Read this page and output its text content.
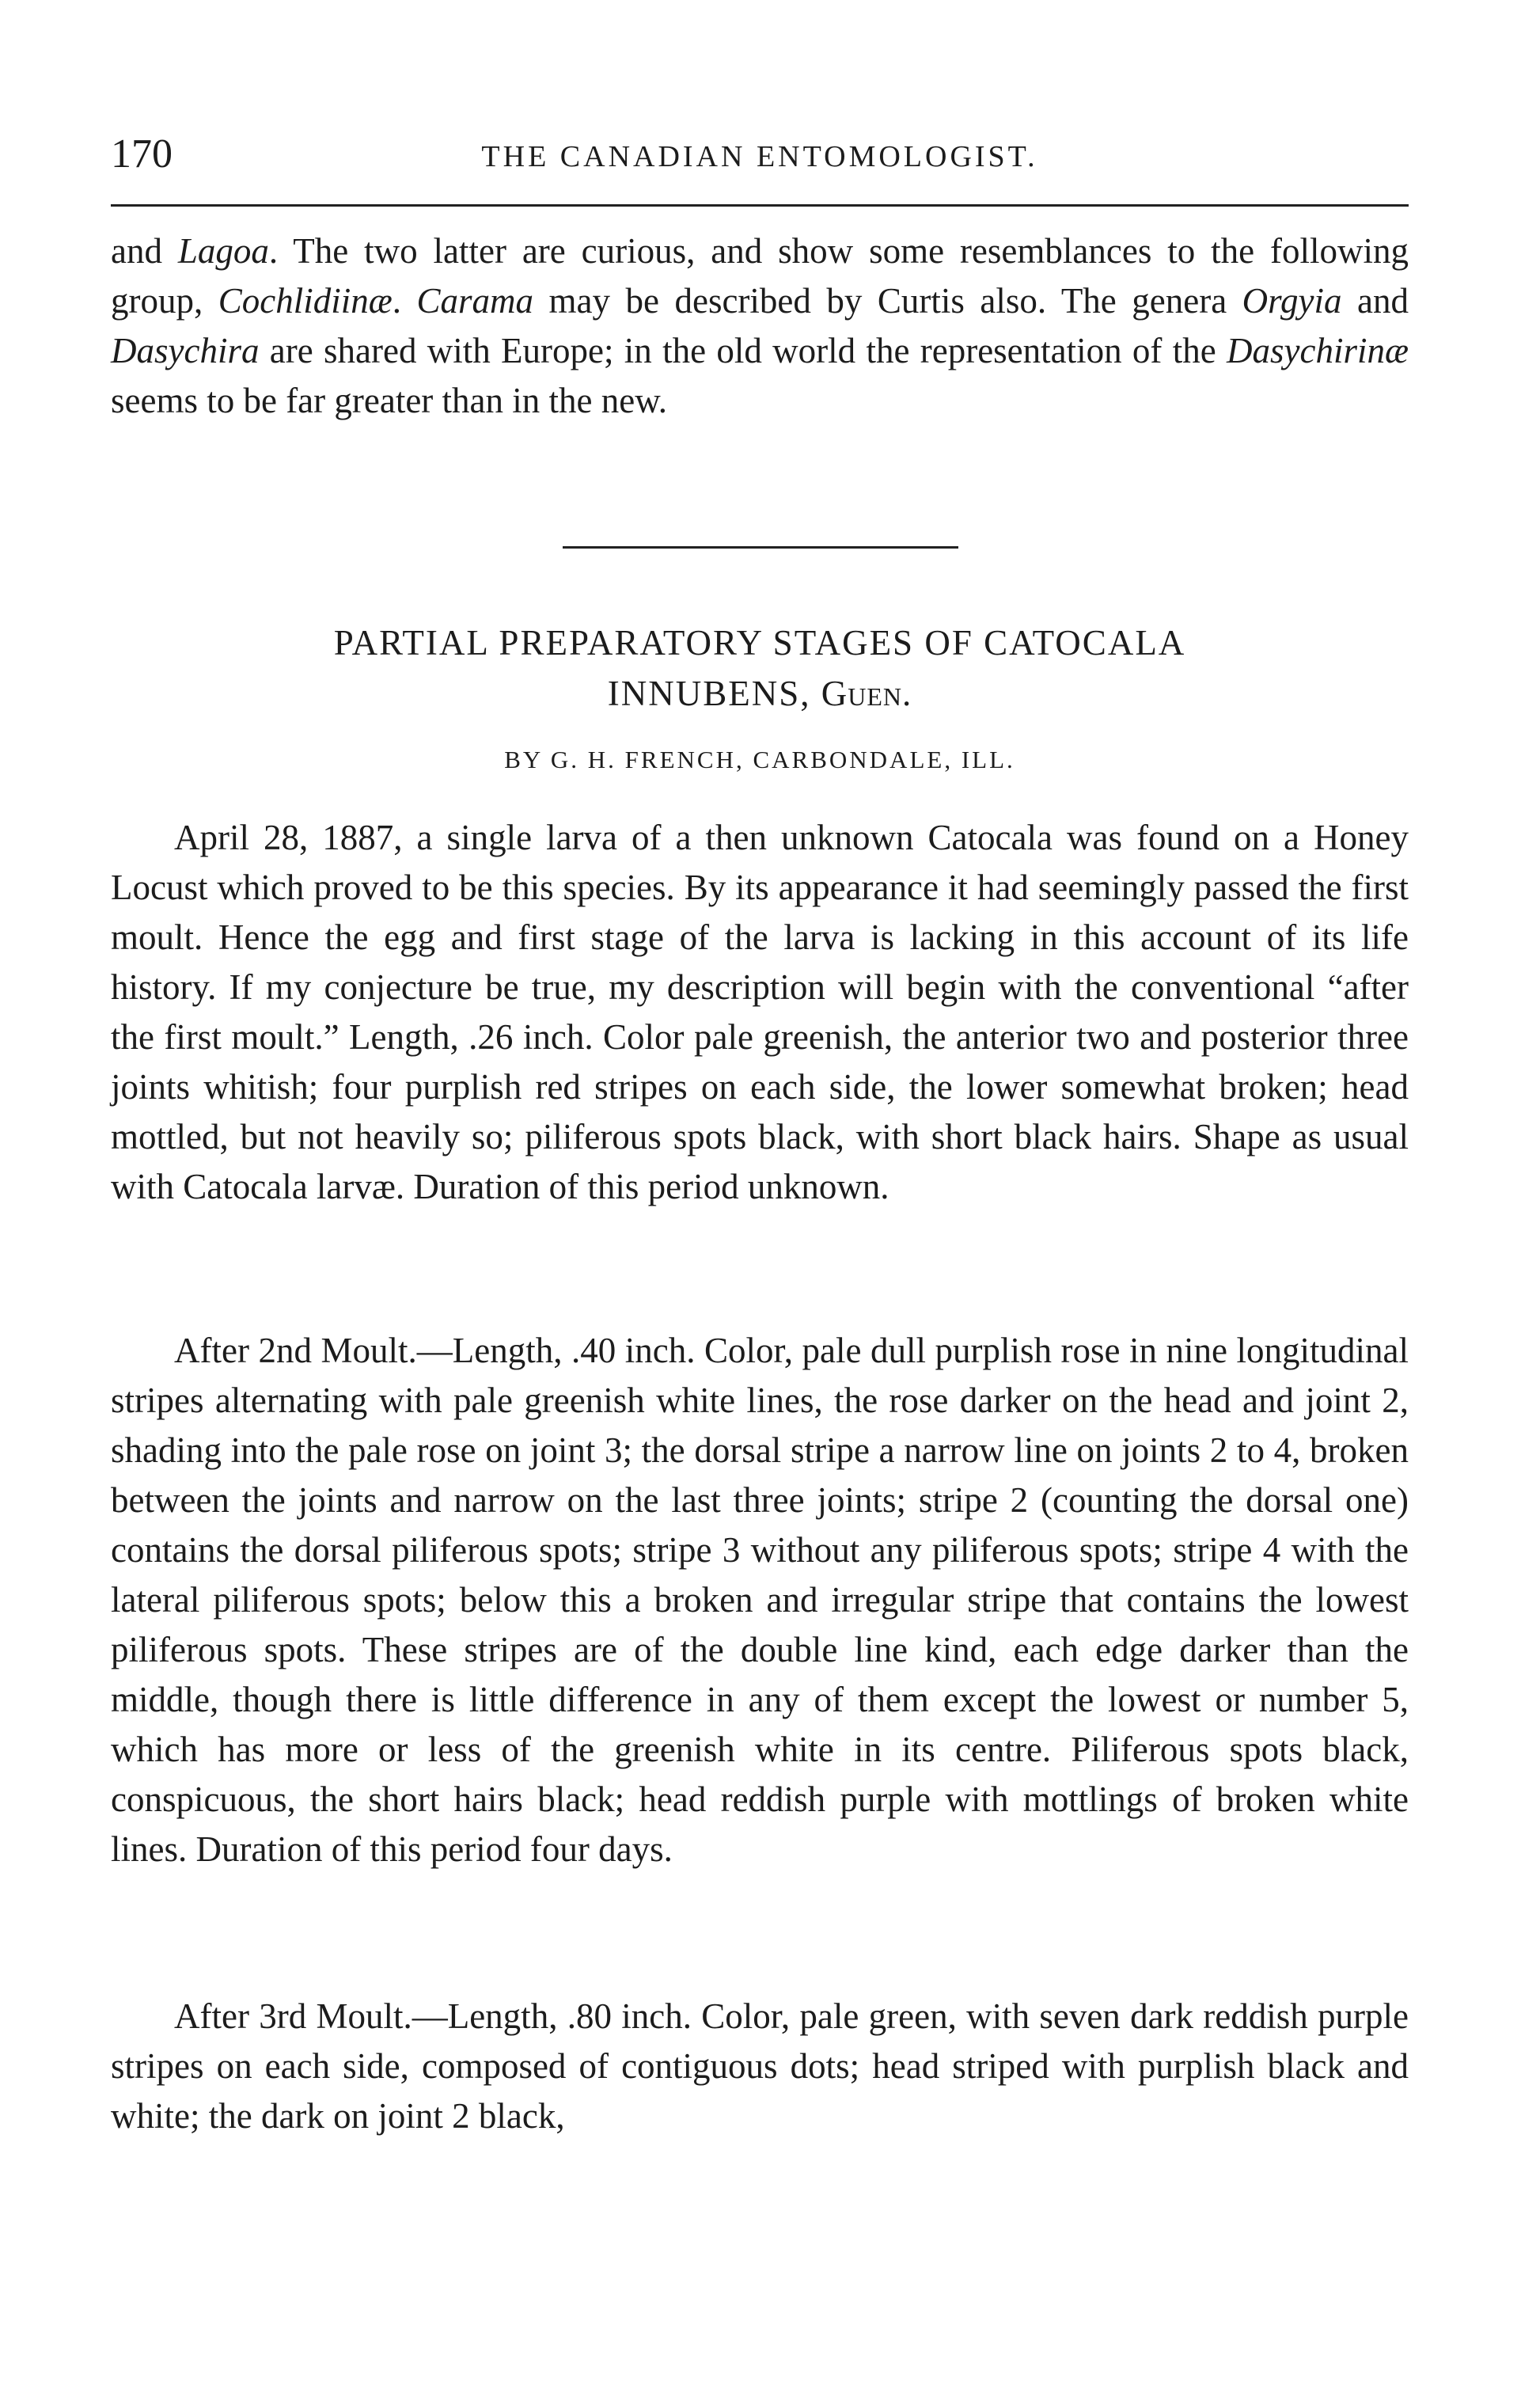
170	THE CANADIAN ENTOMOLOGIST.

and Lagoa. The two latter are curious, and show some resemblances to the following group, Cochlidiinæ. Carama may be described by Curtis also. The genera Orgyia and Dasychira are shared with Europe; in the old world the representation of the Dasychirinæ seems to be far greater than in the new.

PARTIAL PREPARATORY STAGES OF CATOCALA
INNUBENS, Guen.
BY G. H. FRENCH, CARBONDALE, ILL.

April 28, 1887, a single larva of a then unknown Catocala was found on a Honey Locust which proved to be this species. By its appearance it had seemingly passed the first moult. Hence the egg and first stage of the larva is lacking in this account of its life history. If my conjecture be true, my description will begin with the conventional “after the first moult.” Length, .26 inch. Color pale greenish, the anterior two and posterior three joints whitish; four purplish red stripes on each side, the lower somewhat broken; head mottled, but not heavily so; piliferous spots black, with short black hairs. Shape as usual with Catocala larvæ. Duration of this period unknown.

After 2nd Moult.—Length, .40 inch. Color, pale dull purplish rose in nine longitudinal stripes alternating with pale greenish white lines, the rose darker on the head and joint 2, shading into the pale rose on joint 3; the dorsal stripe a narrow line on joints 2 to 4, broken between the joints and narrow on the last three joints; stripe 2 (counting the dorsal one) contains the dorsal piliferous spots; stripe 3 without any piliferous spots; stripe 4 with the lateral piliferous spots; below this a broken and irregular stripe that contains the lowest piliferous spots. These stripes are of the double line kind, each edge darker than the middle, though there is little difference in any of them except the lowest or number 5, which has more or less of the greenish white in its centre. Piliferous spots black, conspicuous, the short hairs black; head reddish purple with mottlings of broken white lines. Duration of this period four days.

After 3rd Moult.—Length, .80 inch. Color, pale green, with seven dark reddish purple stripes on each side, composed of contiguous dots; head striped with purplish black and white; the dark on joint 2 black,
